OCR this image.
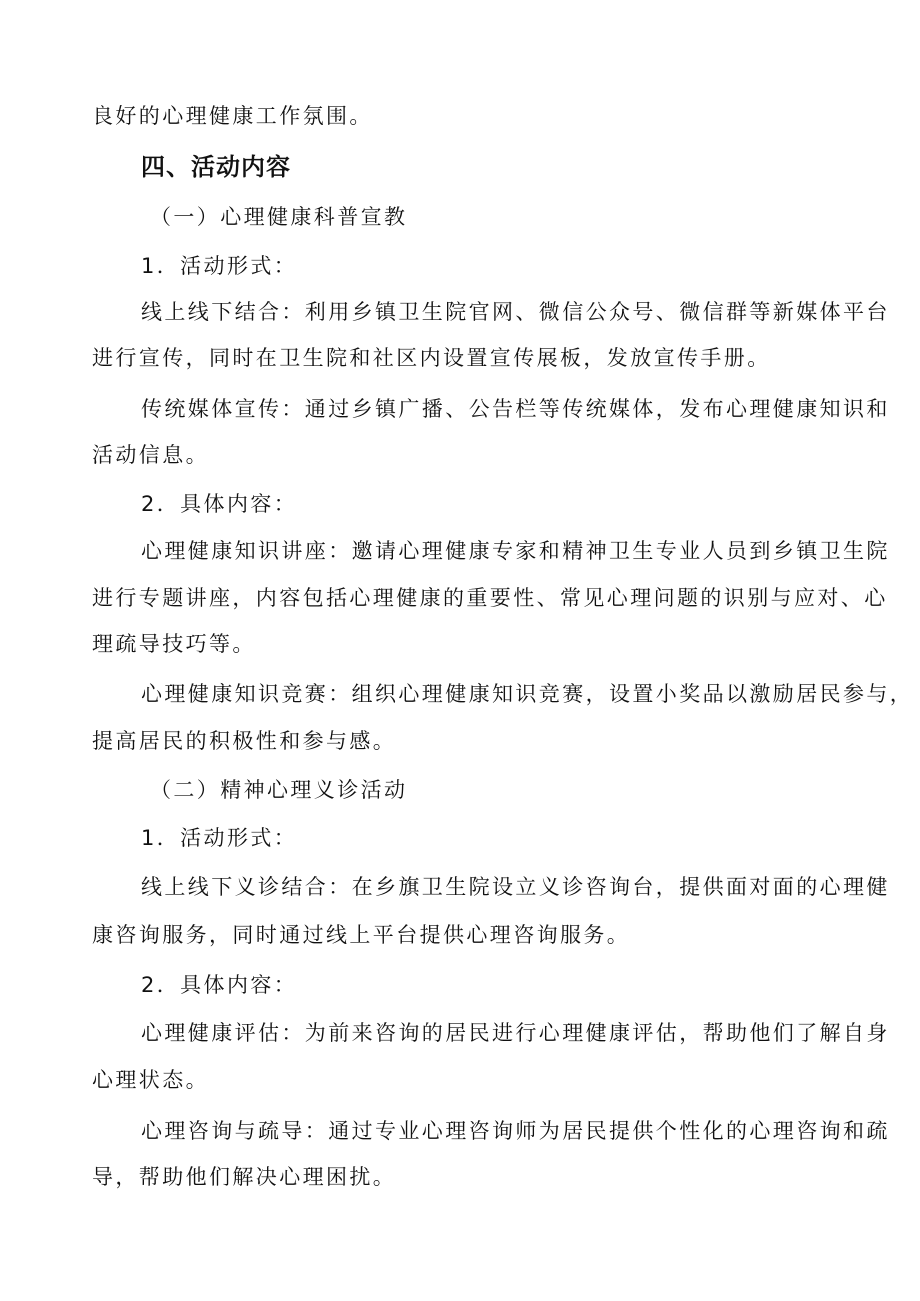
良好的心理健康工作氛围。

四、活动内容

（一）心理健康科普宣教

1．活动形式：

线上线下结合：利用乡镇卫生院官网、微信公众号、微信群等新媒体平台

进行宣传，同时在卫生院和社区内设置宣传展板，发放宣传手册。

传统媒体宣传：通过乡镇广播、公告栏等传统媒体，发布心理健康知识和

活动信息。

2．具体内容：

心理健康知识讲座：邀请心理健康专家和精神卫生专业人员到乡镇卫生院

进行专题讲座，内容包括心理健康的重要性、常见心理问题的识别与应对、心

理疏导技巧等。

心理健康知识竞赛：组织心理健康知识竞赛，设置小奖品以激励居民参与，

提高居民的积极性和参与感。

（二）精神心理义诊活动

1．活动形式：

线上线下义诊结合：在乡旗卫生院设立义诊咨询台，提供面对面的心理健

康咨询服务，同时通过线上平台提供心理咨询服务。

2．具体内容：

心理健康评估：为前来咨询的居民进行心理健康评估，帮助他们了解自身

心理状态。

心理咨询与疏导：通过专业心理咨询师为居民提供个性化的心理咨询和疏

导，帮助他们解决心理困扰。
